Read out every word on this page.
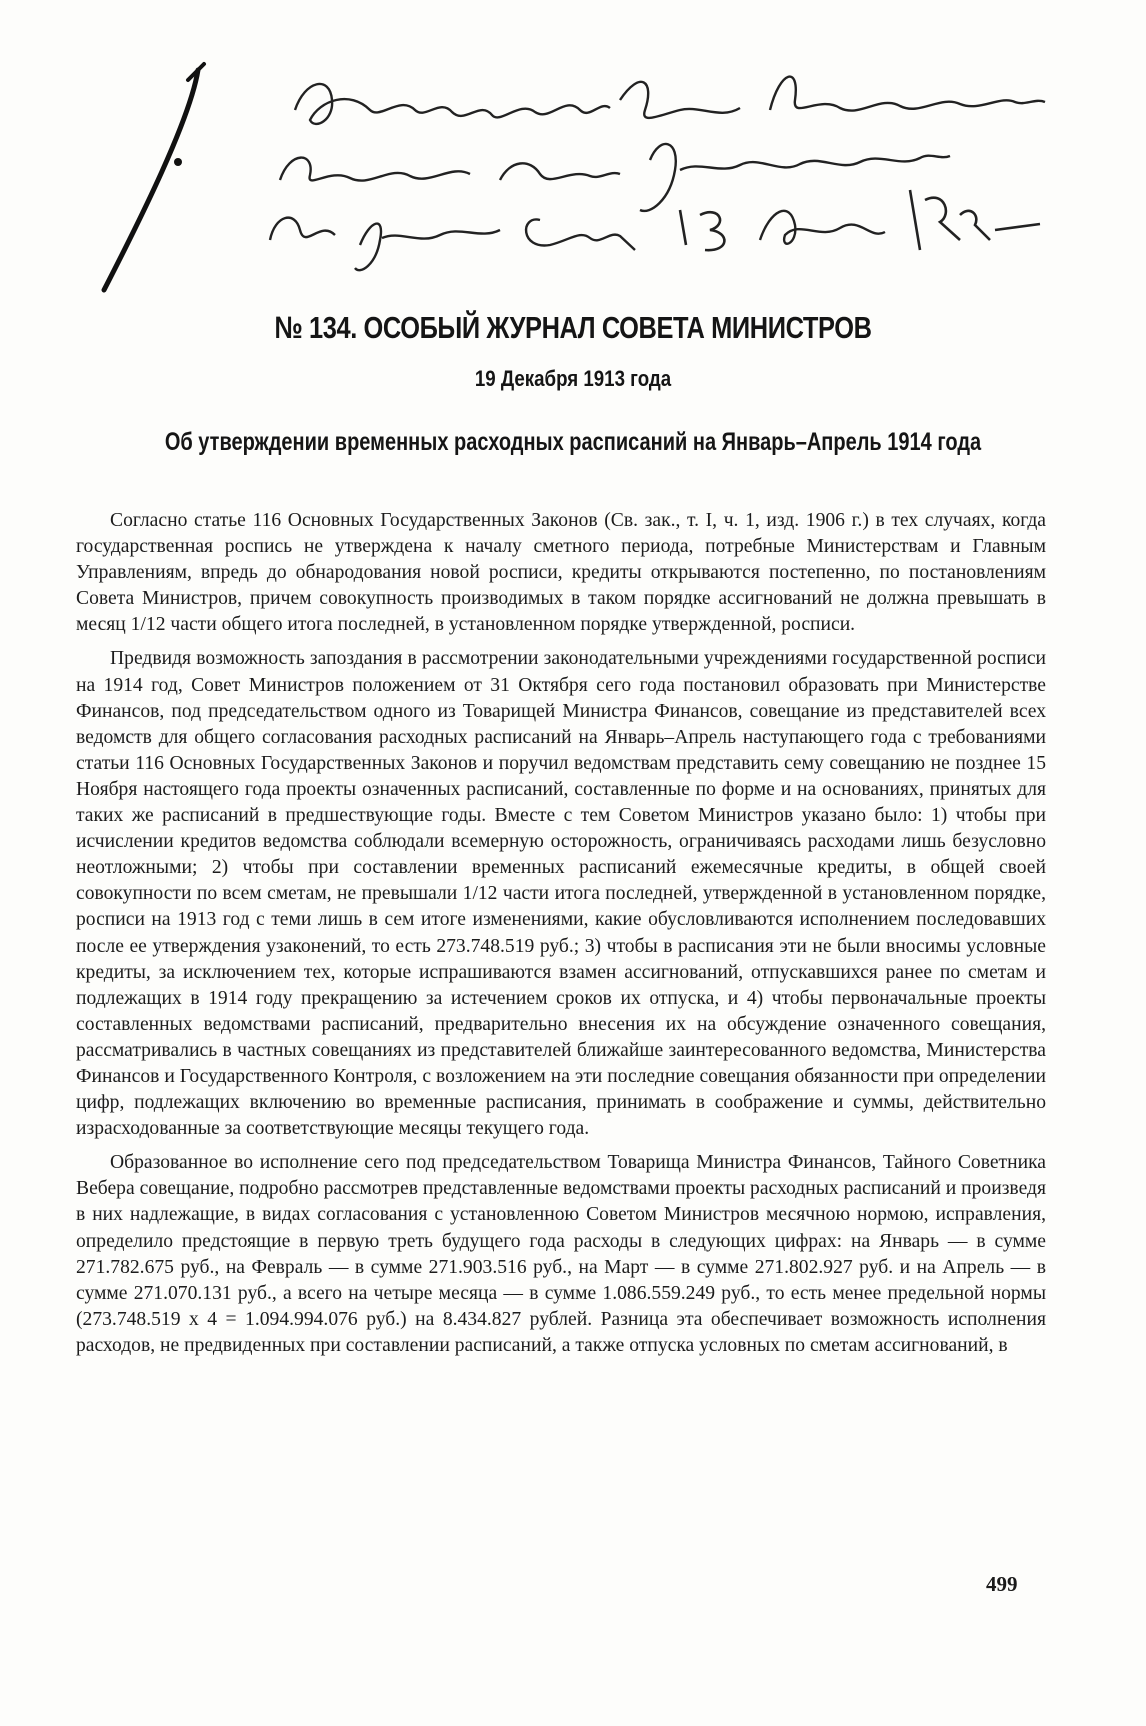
№ 134. ОСОБЫЙ ЖУРНАЛ СОВЕТА МИНИСТРОВ
19 Декабря 1913 года
Об утверждении временных расходных расписаний на Январь–Апрель 1914 года

Согласно статье 116 Основных Государственных Законов (Св. зак., т. I, ч. 1, изд. 1906 г.) в тех случаях, когда государственная роспись не утверждена к началу сметного периода, потребные Министерствам и Главным Управлениям, впредь до обнародования новой росписи, кредиты открываются постепенно, по постановлениям Совета Министров, причем совокупность производимых в таком порядке ассигнований не должна превышать в месяц 1/12 части общего итога последней, в установленном порядке утвержденной, росписи.

Предвидя возможность запоздания в рассмотрении законодательными учреждениями государственной росписи на 1914 год, Совет Министров положением от 31 Октября сего года постановил образовать при Министерстве Финансов, под председательством одного из Товарищей Министра Финансов, совещание из представителей всех ведомств для общего согласования расходных расписаний на Январь–Апрель наступающего года с требованиями статьи 116 Основных Государственных Законов и поручил ведомствам представить сему совещанию не позднее 15 Ноября настоящего года проекты означенных расписаний, составленные по форме и на основаниях, принятых для таких же расписаний в предшествующие годы. Вместе с тем Советом Министров указано было: 1) чтобы при исчислении кредитов ведомства соблюдали всемерную осторожность, ограничиваясь расходами лишь безусловно неотложными; 2) чтобы при составлении временных расписаний ежемесячные кредиты, в общей своей совокупности по всем сметам, не превышали 1/12 части итога последней, утвержденной в установленном порядке, росписи на 1913 год с теми лишь в сем итоге изменениями, какие обусловливаются исполнением последовавших после ее утверждения узаконений, то есть 273.748.519 руб.; 3) чтобы в расписания эти не были вносимы условные кредиты, за исключением тех, которые испрашиваются взамен ассигнований, отпускавшихся ранее по сметам и подлежащих в 1914 году прекращению за истечением сроков их отпуска, и 4) чтобы первоначальные проекты составленных ведомствами расписаний, предварительно внесения их на обсуждение означенного совещания, рассматривались в частных совещаниях из представителей ближайше заинтересованного ведомства, Министерства Финансов и Государственного Контроля, с возложением на эти последние совещания обязанности при определении цифр, подлежащих включению во временные расписания, принимать в соображение и суммы, действительно израсходованные за соответствующие месяцы текущего года.

Образованное во исполнение сего под председательством Товарища Министра Финансов, Тайного Советника Вебера совещание, подробно рассмотрев представленные ведомствами проекты расходных расписаний и произведя в них надлежащие, в видах согласования с установленною Советом Министров месячною нормою, исправления, определило предстоящие в первую треть будущего года расходы в следующих цифрах: на Январь — в сумме 271.782.675 руб., на Февраль — в сумме 271.903.516 руб., на Март — в сумме 271.802.927 руб. и на Апрель — в сумме 271.070.131 руб., а всего на четыре месяца — в сумме 1.086.559.249 руб., то есть менее предельной нормы (273.748.519 х 4 = 1.094.994.076 руб.) на 8.434.827 рублей. Разница эта обеспечивает возможность исполнения расходов, не предвиденных при составлении расписаний, а также отпуска условных по сметам ассигнований, в

499
